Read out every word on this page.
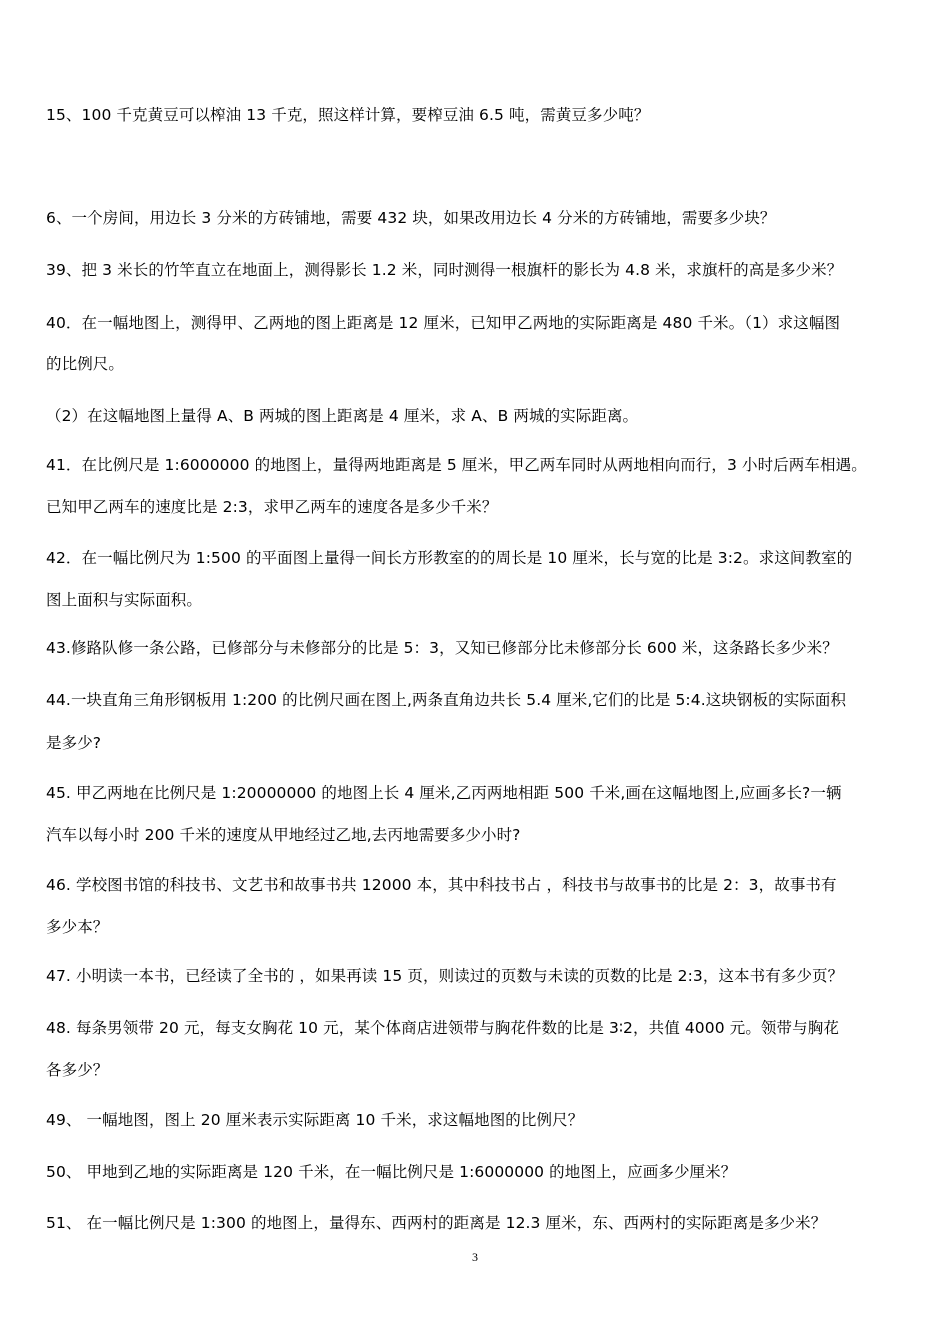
15、100 千克黄豆可以榨油 13 千克，照这样计算，要榨豆油 6.5 吨，需黄豆多少吨？
6、一个房间，用边长 3 分米的方砖铺地，需要 432 块，如果改用边长 4 分米的方砖铺地，需要多少块？
39、把 3 米长的竹竿直立在地面上，测得影长 1.2 米，同时测得一根旗杆的影长为 4.8 米，求旗杆的高是多少米？
40．在一幅地图上，测得甲、乙两地的图上距离是 12 厘米，已知甲乙两地的实际距离是 480 千米。（1）求这幅图
的比例尺。
（2）在这幅地图上量得 A、B 两城的图上距离是 4 厘米，求 A、B 两城的实际距离。
41．在比例尺是 1:6000000 的地图上，量得两地距离是 5 厘米，甲乙两车同时从两地相向而行，3 小时后两车相遇。
已知甲乙两车的速度比是 2:3，求甲乙两车的速度各是多少千米？
42．在一幅比例尺为 1:500 的平面图上量得一间长方形教室的的周长是 10 厘米，长与宽的比是 3:2。求这间教室的
图上面积与实际面积。
43.修路队修一条公路，已修部分与未修部分的比是 5：3，又知已修部分比未修部分长 600 米，这条路长多少米？
44.一块直角三角形钢板用 1:200 的比例尺画在图上,两条直角边共长 5.4 厘米,它们的比是 5:4.这块钢板的实际面积
是多少?
45. 甲乙两地在比例尺是 1:20000000 的地图上长 4 厘米,乙丙两地相距 500 千米,画在这幅地图上,应画多长?一辆
汽车以每小时 200 千米的速度从甲地经过乙地,去丙地需要多少小时?
46. 学校图书馆的科技书、文艺书和故事书共 12000 本，其中科技书占 ，科技书与故事书的比是 2：3，故事书有
多少本？
47. 小明读一本书，已经读了全书的 ，如果再读 15 页，则读过的页数与未读的页数的比是 2:3，这本书有多少页？
48. 每条男领带 20 元，每支女胸花 10 元，某个体商店进领带与胸花件数的比是 3∶2，共值 4000 元。领带与胸花
各多少？
49、 一幅地图，图上 20 厘米表示实际距离 10 千米，求这幅地图的比例尺？
50、 甲地到乙地的实际距离是 120 千米，在一幅比例尺是 1:6000000 的地图上，应画多少厘米？
51、 在一幅比例尺是 1:300 的地图上，量得东、西两村的距离是 12.3 厘米，东、西两村的实际距离是多少米？
3
